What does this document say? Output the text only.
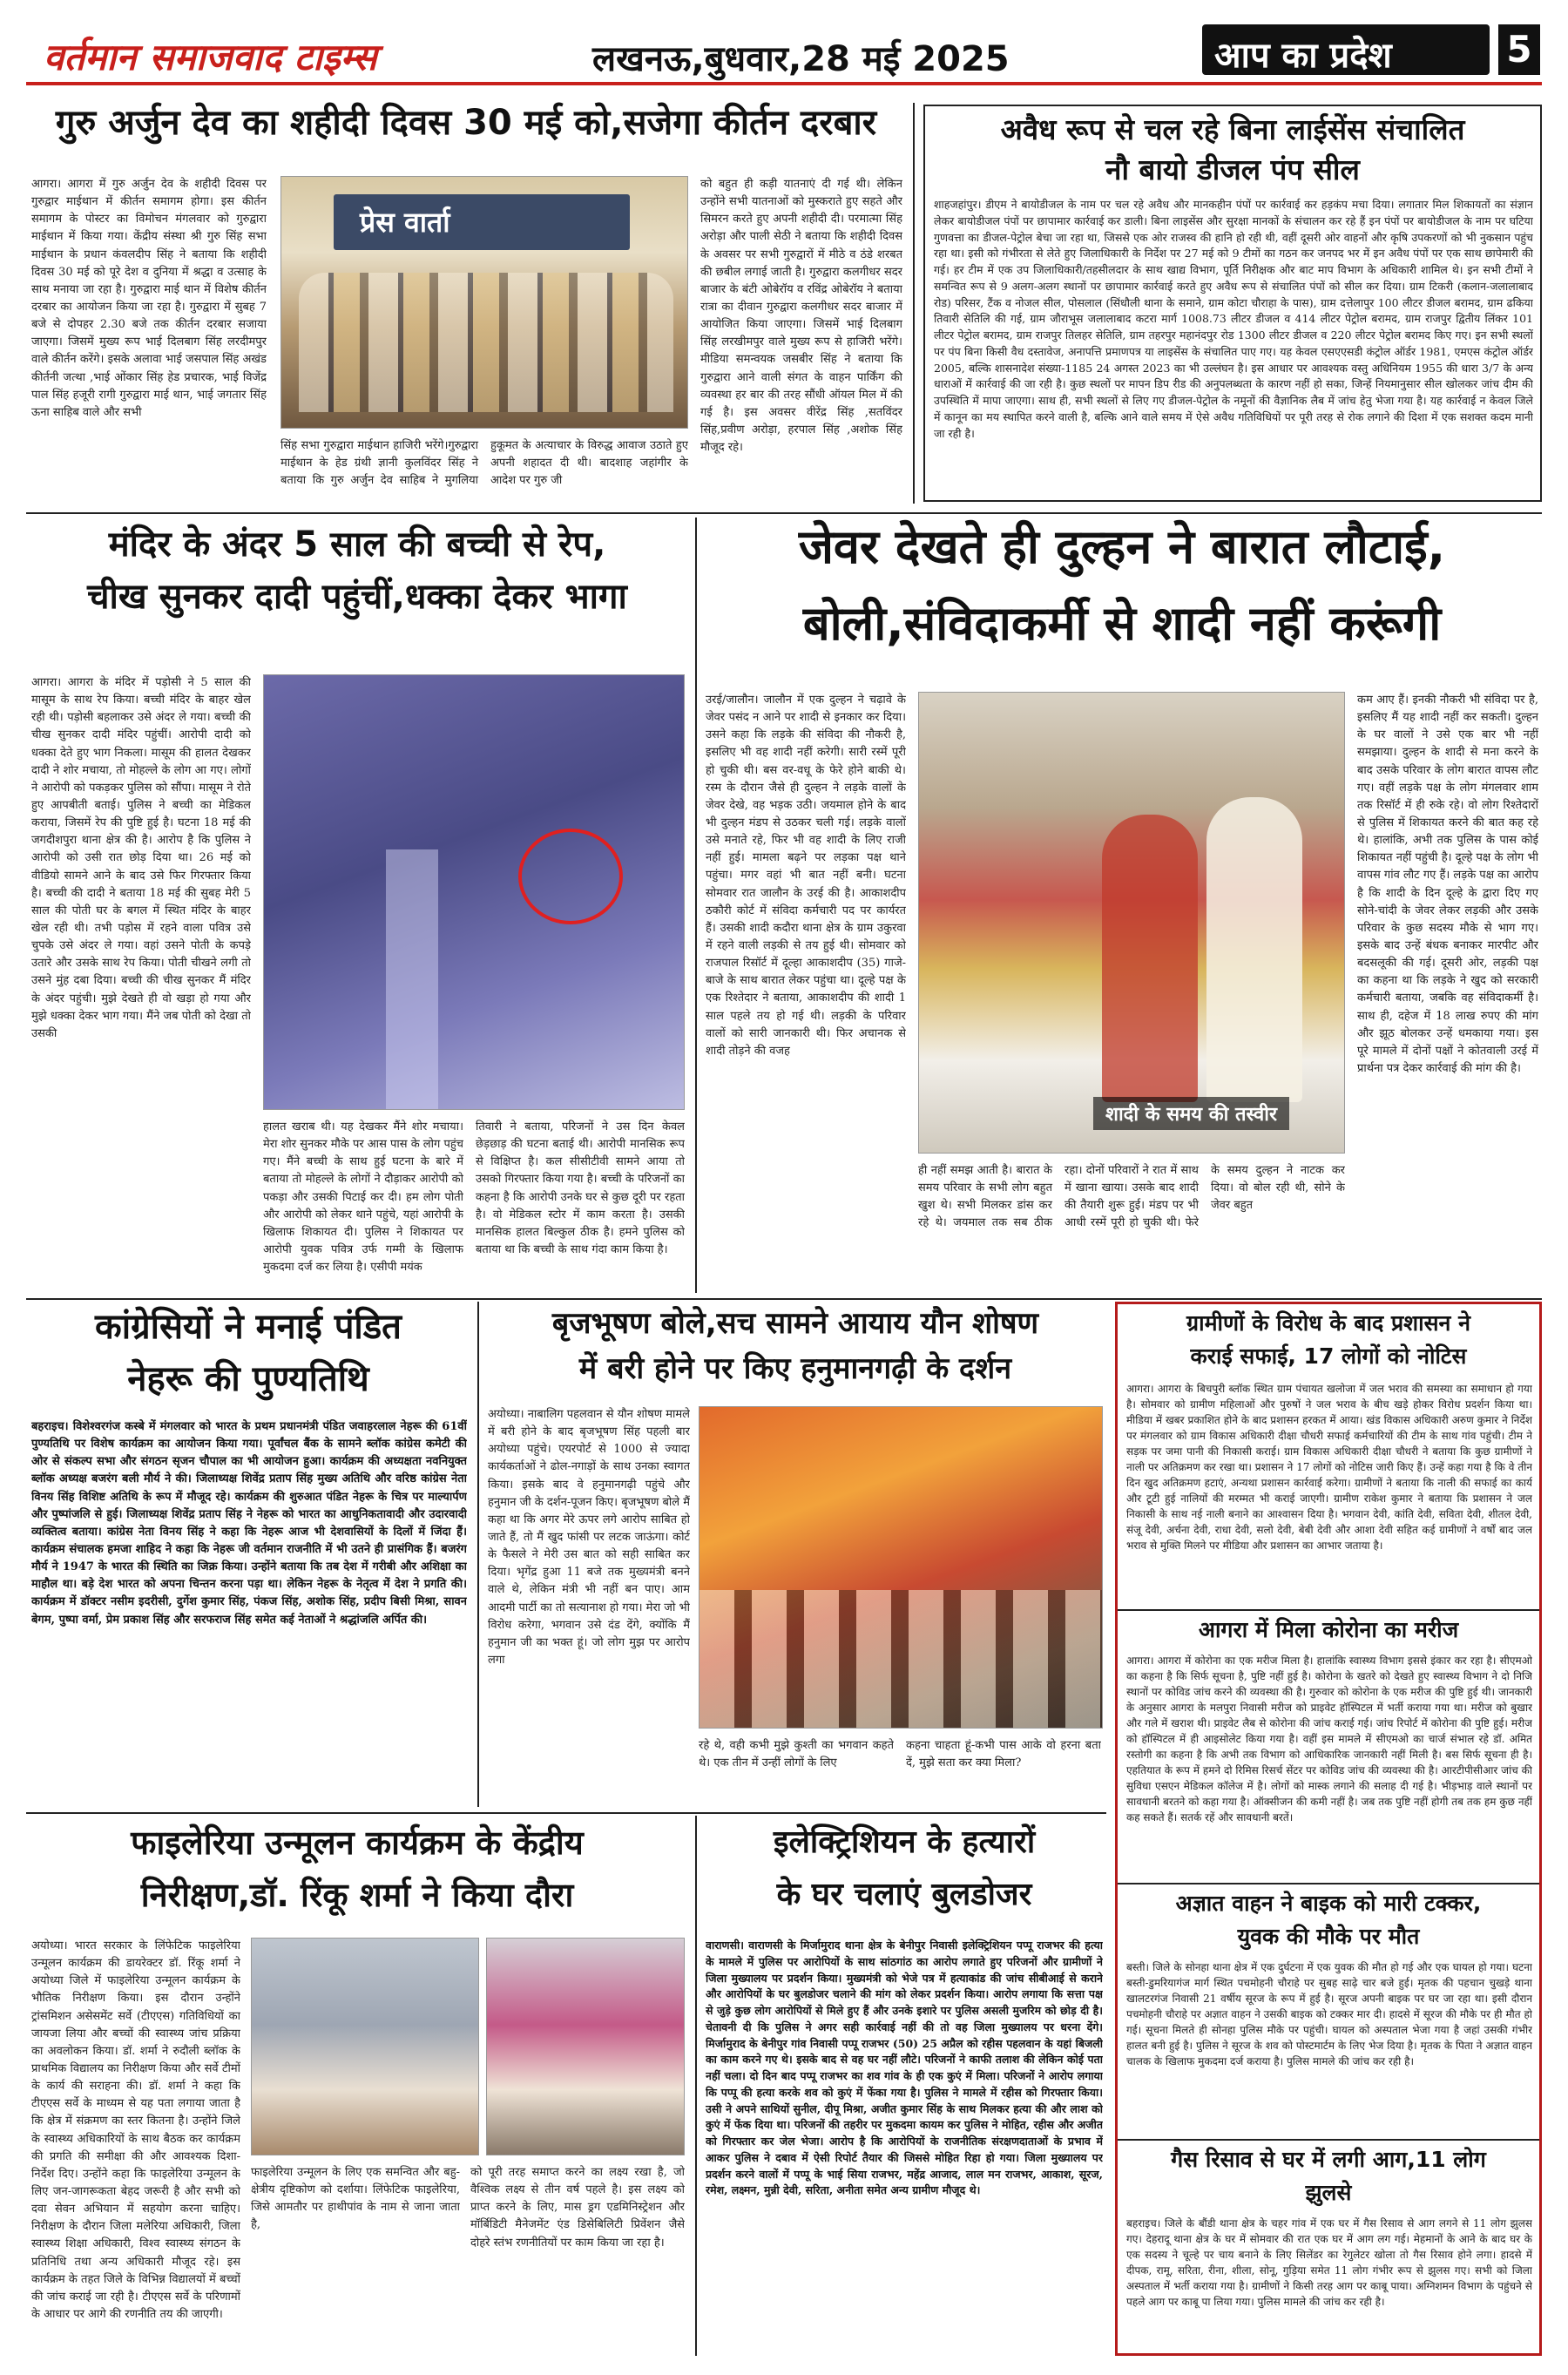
वर्तमान समाजवाद टाइम्स	लखनऊ,बुधवार,28 मई 2025	आप का प्रदेश	5
गुरु अर्जुन देव का शहीदी दिवस 30 मई को,सजेगा कीर्तन दरबार
आगरा। आगरा में गुरु अर्जुन देव के शहीदी दिवस पर गुरुद्वार माईथान में कीर्तन समागम होगा। इस कीर्तन समागम के पोस्टर का विमोचन मंगलवार को गुरुद्वारा माईथान में किया गया। केंद्रीय संस्था श्री गुरु सिंह सभा माईथान के प्रधान कंवलदीप सिंह ने बताया कि शहीदी दिवस 30 मई को पूरे देश व दुनिया में श्रद्धा व उत्साह के साथ मनाया जा रहा है। गुरुद्वारा माई थान में विशेष कीर्तन दरबार का आयोजन किया जा रहा है। गुरुद्वारा में सुबह 7 बजे से दोपहर 2.30 बजे तक कीर्तन दरबार सजाया जाएगा। जिसमें मुख्य रूप भाई दिलबाग सिंह लरदीमपुर वाले कीर्तन करेंगे। इसके अलावा भाई जसपाल सिंह अखंड कीर्तनी जत्था ,भाई ओंकार सिंह हेड प्रचारक, भाई विजेंद्र पाल सिंह हजूरी रागी गुरुद्वारा माई थान, भाई जगतार सिंह ऊना साहिब वाले और सभी
प्रेस वार्ता
सिंह सभा गुरुद्वारा माईथान हाजिरी भरेंगे।गुरुद्वारा माईथान के हेड ग्रंथी ज्ञानी कुलविंदर सिंह ने बताया कि गुरु अर्जुन देव साहिब ने मुगलिया हुकूमत के अत्याचार के विरुद्ध आवाज उठाते हुए अपनी शहादत दी थी। बादशाह जहांगीर के आदेश पर गुरु जी
को बहुत ही कड़ी यातनाएं दी गई थी। लेकिन उन्होंने सभी यातनाओं को मुस्कराते हुए सहते और सिमरन करते हुए अपनी शहीदी दी। परमात्मा सिंह अरोड़ा और पाली सेठी ने बताया कि शहीदी दिवस के अवसर पर सभी गुरुद्वारों में मीठे व ठंडे शरबत की छबील लगाई जाती है। गुरुद्वारा कलगीधर सदर बाजार के बंटी ओबेरॉय व रविंद्र ओबेरॉय ने बताया रात्रा का दीवान गुरुद्वारा कलगीधर सदर बाजार में आयोजित किया जाएगा। जिसमें भाई दिलबाग सिंह लरखीमपुर वाले मुख्य रूप से हाजिरी भरेंगे। मीडिया समन्वयक जसबीर सिंह ने बताया कि गुरुद्वारा आने वाली संगत के वाहन पार्किंग की व्यवस्था हर बार की तरह सौंधी ऑयल मिल में की गई है। इस अवसर वीरेंद्र सिंह ,सतविंदर सिंह,प्रवीण अरोड़ा, हरपाल सिंह ,अशोक सिंह मौजूद रहे।
अवैध रूप से चल रहे बिना लाईसेंस संचालित
नौ बायो डीजल पंप सील
शाहजहांपुर। डीएम ने बायोडीजल के नाम पर चल रहे अवैध और मानकहीन पंपों पर कार्रवाई कर हड़कंप मचा दिया। लगातार मिल शिकायतों का संज्ञान लेकर बायोडीजल पंपों पर छापामार कार्रवाई कर डाली। बिना लाइसेंस और सुरक्षा मानकों के संचालन कर रहे हैं इन पंपों पर बायोडीजल के नाम पर घटिया गुणवत्ता का डीजल-पेट्रोल बेचा जा रहा था, जिससे एक ओर राजस्व की हानि हो रही थी, वहीं दूसरी ओर वाहनों और कृषि उपकरणों को भी नुकसान पहुंच रहा था। इसी को गंभीरता से लेते हुए जिलाधिकारी के निर्देश पर 27 मई को 9 टीमों का गठन कर जनपद भर में इन अवैध पंपों पर एक साथ छापेमारी की गई। हर टीम में एक उप जिलाधिकारी/तहसीलदार के साथ खाद्य विभाग, पूर्ति निरीक्षक और बाट माप विभाग के अधिकारी शामिल थे। इन सभी टीमों ने समन्वित रूप से 9 अलग-अलग स्थानों पर छापामार कार्रवाई करते हुए अवैध रूप से संचालित पंपों को सील कर दिया। ग्राम टिकरी (कलान-जलालाबाद रोड) परिसर, टैंक व नोजल सील, पोसलाल (सिंधौली थाना के समाने, ग्राम कोटा चौराहा के पास), ग्राम दत्तेलापुर 100 लीटर डीजल बरामद, ग्राम ढकिया तिवारी सेतिलि की गई, ग्राम जौराभूस जलालाबाद कटरा मार्ग 1008.73 लीटर डीजल व 414 लीटर पेट्रोल बरामद, ग्राम राजपुर द्वितीय लिंकर 101 लीटर पेट्रोल बरामद, ग्राम राजपुर तिलहर सेतिलि, ग्राम तहरपुर महानंदपुर रोड 1300 लीटर डीजल व 220 लीटर पेट्रोल बरामद किए गए। इन सभी स्थलों पर पंप बिना किसी वैध दस्तावेज, अनापत्ति प्रमाणपत्र या लाइसेंस के संचालित पाए गए। यह केवल एसएएसडी कंट्रोल ऑर्डर 1981, एमएस कंट्रोल ऑर्डर 2005, बल्कि शासनादेश संख्या-1185 24 अगस्त 2023 का भी उल्लंघन है। इस आधार पर आवश्यक वस्तु अधिनियम 1955 की धारा 3/7 के अन्य धाराओं में कार्रवाई की जा रही है। कुछ स्थलों पर मापन डिप रीड की अनुपलब्धता के कारण नहीं हो सका, जिन्हें नियमानुसार सील खोलकर जांच दीम की उपस्थिति में मापा जाएगा। साथ ही, सभी स्थलों से लिए गए डीजल-पेट्रोल के नमूनों की वैज्ञानिक लैब में जांच हेतु भेजा गया है। यह कार्रवाई न केवल जिले में कानून का मय स्थापित करने वाली है, बल्कि आने वाले समय में ऐसे अवैध गतिविधियों पर पूरी तरह से रोक लगाने की दिशा में एक सशक्त कदम मानी जा रही है।
मंदिर के अंदर 5 साल की बच्ची से रेप,
चीख सुनकर दादी पहुंचीं,धक्का देकर भागा
आगरा। आगरा के मंदिर में पड़ोसी ने 5 साल की मासूम के साथ रेप किया। बच्ची मंदिर के बाहर खेल रही थी। पड़ोसी बहलाकर उसे अंदर ले गया। बच्ची की चीख सुनकर दादी मंदिर पहुंचीं। आरोपी दादी को धक्का देते हुए भाग निकला। मासूम की हालत देखकर दादी ने शोर मचाया, तो मोहल्ले के लोग आ गए। लोगों ने आरोपी को पकड़कर पुलिस को सौंपा। मासूम ने रोते हुए आपबीती बताई। पुलिस ने बच्ची का मेडिकल कराया, जिसमें रेप की पुष्टि हुई है। घटना 18 मई की जगदीशपुरा थाना क्षेत्र की है। आरोप है कि पुलिस ने आरोपी को उसी रात छोड़ दिया था। 26 मई को वीडियो सामने आने के बाद उसे फिर गिरफ्तार किया है। बच्ची की दादी ने बताया 18 मई की सुबह मेरी 5 साल की पोती घर के बगल में स्थित मंदिर के बाहर खेल रही थी। तभी पड़ोस में रहने वाला पवित्र उसे चुपके उसे अंदर ले गया। वहां उसने पोती के कपड़े उतारे और उसके साथ रेप किया। पोती चीखने लगी तो उसने मुंह दबा दिया। बच्ची की चीख सुनकर मैं मंदिर के अंदर पहुंची। मुझे देखते ही वो खड़ा हो गया और मुझे धक्का देकर भाग गया। मैंने जब पोती को देखा तो उसकी
हालत खराब थी। यह देखकर मैंने शोर मचाया। मेरा शोर सुनकर मौके पर आस पास के लोग पहुंच गए। मैंने बच्ची के साथ हुई घटना के बारे में बताया तो मोहल्ले के लोगों ने दौड़ाकर आरोपी को पकड़ा और उसकी पिटाई कर दी। हम लोग पोती और आरोपी को लेकर थाने पहुंचे, यहां आरोपी के खिलाफ शिकायत दी। पुलिस ने शिकायत पर आरोपी युवक पवित्र उर्फ गम्मी के खिलाफ मुकदमा दर्ज कर लिया है। एसीपी मयंक
तिवारी ने बताया, परिजनों ने उस दिन केवल छेड़छाड़ की घटना बताई थी। आरोपी मानसिक रूप से विक्षिप्त है। कल सीसीटीवी सामने आया तो उसको गिरफ्तार किया गया है। बच्ची के परिजनों का कहना है कि आरोपी उनके घर से कुछ दूरी पर रहता है। वो मेडिकल स्टोर में काम करता है। उसकी मानसिक हालत बिल्कुल ठीक है। हमने पुलिस को बताया था कि बच्ची के साथ गंदा काम किया है।
जेवर देखते ही दुल्हन ने बारात लौटाई,
बोली,संविदाकर्मी से शादी नहीं करूंगी
उरई/जालौन। जालौन में एक दुल्हन ने चढ़ावे के जेवर पसंद न आने पर शादी से इनकार कर दिया। उसने कहा कि लड़के की संविदा की नौकरी है, इसलिए भी वह शादी नहीं करेगी। सारी रस्में पूरी हो चुकी थी। बस वर-वधू के फेरे होने बाकी थे। रस्म के दौरान जैसे ही दुल्हन ने लड़के वालों के जेवर देखे, वह भड़क उठी। जयमाल होने के बाद भी दुल्हन मंडप से उठकर चली गई। लड़के वालों उसे मनाते रहे, फिर भी वह शादी के लिए राजी नहीं हुई। मामला बढ़ने पर लड़का पक्ष थाने पहुंचा। मगर वहां भी बात नहीं बनी। घटना सोमवार रात जालौन के उरई की है। आकाशदीप ठकौरी कोर्ट में संविदा कर्मचारी पद पर कार्यरत हैं। उसकी शादी कदौरा थाना क्षेत्र के ग्राम उकुरवा में रहने वाली लड़की से तय हुई थी। सोमवार को राजपाल रिसॉर्ट में दूल्हा आकाशदीप (35) गाजे-बाजे के साथ बारात लेकर पहुंचा था। दूल्हे पक्ष के एक रिश्तेदार ने बताया, आकाशदीप की शादी 1 साल पहले तय हो गई थी। लड़की के परिवार वालों को सारी जानकारी थी। फिर अचानक से शादी तोड़ने की वजह
शादी के समय की तस्वीर
ही नहीं समझ आती है। बारात के समय परिवार के सभी लोग बहुत खुश थे। सभी मिलकर डांस कर रहे थे। जयमाल तक सब ठीक रहा। दोनों परिवारों ने रात में साथ में खाना खाया। उसके बाद शादी की तैयारी शुरू हुई। मंडप पर भी आधी रस्में पूरी हो चुकी थी। फेरे के समय दुल्हन ने नाटक कर दिया। वो बोल रही थी, सोने के जेवर बहुत
कम आए हैं। इनकी नौकरी भी संविदा पर है, इसलिए मैं यह शादी नहीं कर सकती। दुल्हन के घर वालों ने उसे एक बार भी नहीं समझाया। दुल्हन के शादी से मना करने के बाद उसके परिवार के लोग बारात वापस लौट गए। वहीं लड़के पक्ष के लोग मंगलवार शाम तक रिसॉर्ट में ही रुके रहे। वो लोग रिश्तेदारों से पुलिस में शिकायत करने की बात कह रहे थे। हालांकि, अभी तक पुलिस के पास कोई शिकायत नहीं पहुंची है। दूल्हे पक्ष के लोग भी वापस गांव लौट गए हैं। लड़के पक्ष का आरोप है कि शादी के दिन दूल्हे के द्वारा दिए गए सोने-चांदी के जेवर लेकर लड़की और उसके परिवार के कुछ सदस्य मौके से भाग गए। इसके बाद उन्हें बंधक बनाकर मारपीट और बदसलूकी की गई। दूसरी ओर, लड़की पक्ष का कहना था कि लड़के ने खुद को सरकारी कर्मचारी बताया, जबकि वह संविदाकर्मी है। साथ ही, दहेज में 18 लाख रुपए की मांग और झूठ बोलकर उन्हें धमकाया गया। इस पूरे मामले में दोनों पक्षों ने कोतवाली उरई में प्रार्थना पत्र देकर कार्रवाई की मांग की है।
कांग्रेसियों ने मनाई पंडित
नेहरू की पुण्यतिथि
बहराइच। विशेश्वरगंज कस्बे में मंगलवार को भारत के प्रथम प्रधानमंत्री पंडित जवाहरलाल नेहरू की 61वीं पुण्यतिथि पर विशेष कार्यक्रम का आयोजन किया गया। पूर्वांचल बैंक के सामने ब्लॉक कांग्रेस कमेटी की ओर से संकल्प सभा और संगठन सृजन चौपाल का भी आयोजन हुआ। कार्यक्रम की अध्यक्षता नवनियुक्त ब्लॉक अध्यक्ष बजरंग बली मौर्य ने की। जिलाध्यक्ष शिवेंद्र प्रताप सिंह मुख्य अतिथि और वरिष्ठ कांग्रेस नेता विनय सिंह विशिष्ट अतिथि के रूप में मौजूद रहे। कार्यक्रम की शुरुआत पंडित नेहरू के चित्र पर माल्यार्पण और पुष्पांजलि से हुई। जिलाध्यक्ष शिवेंद्र प्रताप सिंह ने नेहरू को भारत का आधुनिकतावादी और उदारवादी व्यक्तित्व बताया। कांग्रेस नेता विनय सिंह ने कहा कि नेहरू आज भी देशवासियों के दिलों में जिंदा हैं। कार्यक्रम संचालक हमजा शाहिद ने कहा कि नेहरू जी वर्तमान राजनीति में भी उतने ही प्रासंगिक हैं। बजरंग मौर्य ने 1947 के भारत की स्थिति का जिक्र किया। उन्होंने बताया कि तब देश में गरीबी और अशिक्षा का माहौल था। बड़े देश भारत को अपना चिन्तन करना पड़ा था। लेकिन नेहरू के नेतृत्व में देश ने प्रगति की। कार्यक्रम में डॉक्टर नसीम इदरीसी, दुर्गेश कुमार सिंह, पंकज सिंह, अशोक सिंह, प्रदीप बिसी मिश्रा, सावन बेगम, पुष्पा वर्मा, प्रेम प्रकाश सिंह और सरफराज सिंह समेत कई नेताओं ने श्रद्धांजलि अर्पित की।
बृजभूषण बोले,सच सामने आयाय यौन शोषण
में बरी होने पर किए हनुमानगढ़ी के दर्शन
अयोध्या। नाबालिग पहलवान से यौन शोषण मामले में बरी होने के बाद बृजभूषण सिंह पहली बार अयोध्या पहुंचे। एयरपोर्ट से 1000 से ज्यादा कार्यकर्ताओं ने ढोल-नगाड़ों के साथ उनका स्वागत किया। इसके बाद वे हनुमानगढ़ी पहुंचे और हनुमान जी के दर्शन-पूजन किए। बृजभूषण बोले मैं कहा था कि अगर मेरे ऊपर लगे आरोप साबित हो जाते हैं, तो मैं खुद फांसी पर लटक जाऊंगा। कोर्ट के फैसले ने मेरी उस बात को सही साबित कर दिया। भृगेंद्र हुआ 11 बजे तक मुख्यमंत्री बनने वाले थे, लेकिन मंत्री भी नहीं बन पाए। आम आदमी पार्टी का तो सत्यानाश हो गया। मेरा जो भी विरोध करेगा, भगवान उसे दंड देंगे, क्योंकि मैं हनुमान जी का भक्त हूं। जो लोग मुझ पर आरोप लगा
रहे थे, वही कभी मुझे कुश्ती का भगवान कहते थे। एक तीन में उन्हीं लोगों के लिए
कहना चाहता हूं-कभी पास आके वो हरना बता दें, मुझे सता कर क्या मिला?
ग्रामीणों के विरोध के बाद प्रशासन ने
कराई सफाई, 17 लोगों को नोटिस
आगरा। आगरा के बिचपुरी ब्लॉक स्थित ग्राम पंचायत खलोजा में जल भराव की समस्या का समाधान हो गया है। सोमवार को ग्रामीण महिलाओं और पुरुषों ने जल भराव के बीच खड़े होकर विरोध प्रदर्शन किया था। मीडिया में खबर प्रकाशित होने के बाद प्रशासन हरकत में आया। खंड विकास अधिकारी अरुण कुमार ने निर्देश पर मंगलवार को ग्राम विकास अधिकारी दीक्षा चौधरी सफाई कर्मचारियों की टीम के साथ गांव पहुंची। टीम ने सड़क पर जमा पानी की निकासी कराई। ग्राम विकास अधिकारी दीक्षा चौधरी ने बताया कि कुछ ग्रामीणों ने नाली पर अतिक्रमण कर रखा था। प्रशासन ने 17 लोगों को नोटिस जारी किए हैं। उन्हें कहा गया है कि वे तीन दिन खुद अतिक्रमण हटाएं, अन्यथा प्रशासन कार्रवाई करेगा। ग्रामीणों ने बताया कि नाली की सफाई का कार्य और टूटी हुई नालियों की मरम्मत भी कराई जाएगी। ग्रामीण राकेश कुमार ने बताया कि प्रशासन ने जल निकासी के साथ नई नाली बनाने का आश्वासन दिया है। भगवान देवी, कांति देवी, सविता देवी, शीतल देवी, संजू देवी, अर्चना देवी, राधा देवी, सलो देवी, बेबी देवी और आशा देवी सहित कई ग्रामीणों ने वर्षों बाद जल भराव से मुक्ति मिलने पर मीडिया और प्रशासन का आभार जताया है।
आगरा में मिला कोरोना का मरीज
आगरा। आगरा में कोरोना का एक मरीज मिला है। हालांकि स्वास्थ्य विभाग इससे इंकार कर रहा है। सीएमओ का कहना है कि सिर्फ सूचना है, पुष्टि नहीं हुई है। कोरोना के खतरे को देखते हुए स्वास्थ्य विभाग ने दो निजि स्थानों पर कोविड जांच करने की व्यवस्था की है। गुरुवार को कोरोना के एक मरीज की पुष्टि हुई थी। जानकारी के अनुसार आगरा के मलपुरा निवासी मरीज को प्राइवेट हॉस्पिटल में भर्ती कराया गया था। मरीज को बुखार और गले में खराश थी। प्राइवेट लैब से कोरोना की जांच कराई गई। जांच रिपोर्ट में कोरोना की पुष्टि हुई। मरीज को हॉस्पिटल में ही आइसोलेट किया गया है। वहीं इस मामले में सीएमओ का चार्ज संभाल रहे डॉ. अमित रस्तोगी का कहना है कि अभी तक विभाग को आधिकारिक जानकारी नहीं मिली है। बस सिर्फ सूचना ही है। एहतियात के रूप में हमने दो रिमिस रिसर्च सेंटर पर कोविड जांच की व्यवस्था की है। आरटीपीसीआर जांच की सुविधा एसएन मेडिकल कॉलेज में है। लोगों को मास्क लगाने की सलाह दी गई है। भीड़भाड़ वाले स्थानों पर सावधानी बरतने को कहा गया है। ऑक्सीजन की कमी नहीं है। जब तक पुष्टि नहीं होगी तब तक हम कुछ नहीं कह सकते हैं। सतर्क रहें और सावधानी बरतें।
अज्ञात वाहन ने बाइक को मारी टक्कर,
युवक की मौके पर मौत
बस्ती। जिले के सोनहा थाना क्षेत्र में एक दुर्घटना में एक युवक की मौत हो गई और एक घायल हो गया। घटना बस्ती-डुमरियागंज मार्ग स्थित पचमोहनी चौराहे पर सुबह साढ़े चार बजे हुई। मृतक की पहचान चुखड़े थाना खालटरगंज निवासी 21 वर्षीय सूरज के रूप में हुई है। सूरज अपनी बाइक पर घर जा रहा था। इसी दौरान पचमोहनी चौराहे पर अज्ञात वाहन ने उसकी बाइक को टक्कर मार दी। हादसे में सूरज की मौके पर ही मौत हो गई। सूचना मिलते ही सोनहा पुलिस मौके पर पहुंची। घायल को अस्पताल भेजा गया है जहां उसकी गंभीर हालत बनी हुई है। पुलिस ने सूरज के शव को पोस्टमार्टम के लिए भेज दिया है। मृतक के पिता ने अज्ञात वाहन चालक के खिलाफ मुकदमा दर्ज कराया है। पुलिस मामले की जांच कर रही है।
गैस रिसाव से घर में लगी आग,11 लोग
झुलसे
बहराइच। जिले के बौंडी थाना क्षेत्र के चहर गांव में एक घर में गैस रिसाव से आग लगने से 11 लोग झुलस गए। देहरादू थाना क्षेत्र के घर में सोमवार की रात एक घर में आग लग गई। मेहमानों के आने के बाद घर के एक सदस्य ने चूल्हे पर चाय बनाने के लिए सिलेंडर का रेगुलेटर खोला तो गैस रिसाव होने लगा। हादसे में दीपक, रामू, सरिता, रीना, शीला, सोनू, गुड़िया समेत 11 लोग गंभीर रूप से झुलस गए। सभी को जिला अस्पताल में भर्ती कराया गया है। ग्रामीणों ने किसी तरह आग पर काबू पाया। अग्निशमन विभाग के पहुंचने से पहले आग पर काबू पा लिया गया। पुलिस मामले की जांच कर रही है।
फाइलेरिया उन्मूलन कार्यक्रम के केंद्रीय
निरीक्षण,डॉ. रिंकू शर्मा ने किया दौरा
अयोध्या। भारत सरकार के लिंफेटिक फाइलेरिया उन्मूलन कार्यक्रम की डायरेक्टर डॉ. रिंकू शर्मा ने अयोध्या जिले में फाइलेरिया उन्मूलन कार्यक्रम के भौतिक निरीक्षण किया। इस दौरान उन्होंने ट्रांसमिशन असेसमेंट सर्वे (टीएएस) गतिविधियों का जायजा लिया और बच्चों की स्वास्थ्य जांच प्रक्रिया का अवलोकन किया। डॉ. शर्मा ने रुदौली ब्लॉक के प्राथमिक विद्यालय का निरीक्षण किया और सर्वे टीमों के कार्य की सराहना की। डॉ. शर्मा ने कहा कि टीएएस सर्वे के माध्यम से यह पता लगाया जाता है कि क्षेत्र में संक्रमण का स्तर कितना है। उन्होंने जिले के स्वास्थ्य अधिकारियों के साथ बैठक कर कार्यक्रम की प्रगति की समीक्षा की और आवश्यक दिशा-निर्देश दिए। उन्होंने कहा कि फाइलेरिया उन्मूलन के लिए जन-जागरूकता बेहद जरूरी है और सभी को दवा सेवन अभियान में सहयोग करना चाहिए। निरीक्षण के दौरान जिला मलेरिया अधिकारी, जिला स्वास्थ्य शिक्षा अधिकारी, विश्व स्वास्थ्य संगठन के प्रतिनिधि तथा अन्य अधिकारी मौजूद रहे। इस कार्यक्रम के तहत जिले के विभिन्न विद्यालयों में बच्चों की जांच कराई जा रही है। टीएएस सर्वे के परिणामों के आधार पर आगे की रणनीति तय की जाएगी।
फाइलेरिया उन्मूलन के लिए एक समन्वित और बहु-क्षेत्रीय दृष्टिकोण को दर्शाया। लिंफेटिक फाइलेरिया, जिसे आमतौर पर हाथीपांव के नाम से जाना जाता है,
को पूरी तरह समाप्त करने का लक्ष्य रखा है, जो वैश्विक लक्ष्य से तीन वर्ष पहले है। इस लक्ष्य को प्राप्त करने के लिए, मास ड्रग एडमिनिस्ट्रेशन और मॉर्बिडिटी मैनेजमेंट एंड डिसेबिलिटी प्रिवेंशन जैसे दोहरे स्तंभ रणनीतियों पर काम किया जा रहा है।
इलेक्ट्रिशियन के हत्यारों
के घर चलाएं बुलडोजर
वाराणसी। वाराणसी के मिर्जामुराद थाना क्षेत्र के बेनीपुर निवासी इलेक्ट्रिशियन पप्पू राजभर की हत्या के मामले में पुलिस पर आरोपियों के साथ सांठगांठ का आरोप लगाते हुए परिजनों और ग्रामीणों ने जिला मुख्यालय पर प्रदर्शन किया। मुख्यमंत्री को भेजे पत्र में हत्याकांड की जांच सीबीआई से कराने और आरोपियों के घर बुलडोजर चलाने की मांग को लेकर प्रदर्शन किया। आरोप लगाया कि सत्ता पक्ष से जुड़े कुछ लोग आरोपियों से मिले हुए हैं और उनके इशारे पर पुलिस असली मुजरिम को छोड़ दी है। चेतावनी दी कि पुलिस ने अगर सही कार्रवाई नहीं की तो वह जिला मुख्यालय पर धरना देंगे। मिर्जामुराद के बेनीपुर गांव निवासी पप्पू राजभर (50) 25 अप्रैल को रहीस पहलवान के यहां बिजली का काम करने गए थे। इसके बाद से वह घर नहीं लौटे। परिजनों ने काफी तलाश की लेकिन कोई पता नहीं चला। दो दिन बाद पप्पू राजभर का शव गांव के ही एक कुएं में मिला। परिजनों ने आरोप लगाया कि पप्पू की हत्या करके शव को कुएं में फेंका गया है। पुलिस ने मामले में रहीस को गिरफ्तार किया। उसी ने अपने साथियों सुनील, दीपू मिश्रा, अजीत कुमार सिंह के साथ मिलकर हत्या की और लाश को कुएं में फेंक दिया था। परिजनों की तहरीर पर मुकदमा कायम कर पुलिस ने मोहित, रहीस और अजीत को गिरफ्तार कर जेल भेजा। आरोप है कि आरोपियों के राजनीतिक संरक्षणदाताओं के प्रभाव में आकर पुलिस ने दबाव में ऐसी रिपोर्ट तैयार की जिससे मोहित रिहा हो गया। जिला मुख्यालय पर प्रदर्शन करने वालों में पप्पू के भाई सिया राजभर, महेंद्र आजाद, लाल मन राजभर, आकाश, सूरज, रमेश, लक्ष्मन, मुन्नी देवी, सरिता, अनीता समेत अन्य ग्रामीण मौजूद थे।
